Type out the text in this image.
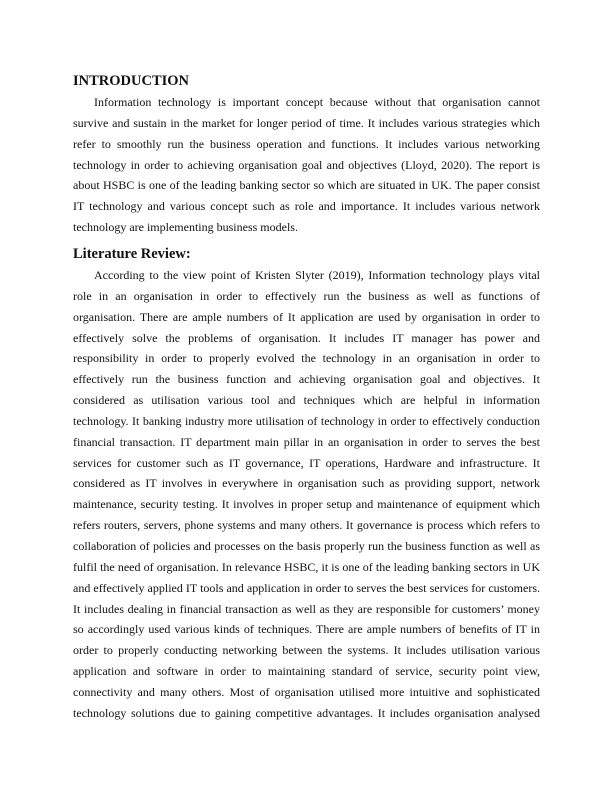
INTRODUCTION
Information technology is important concept because without that organisation cannot
survive and sustain in the market for longer period of time. It includes various strategies which
refer to smoothly run the business operation and functions. It includes various networking
technology in order to achieving organisation goal and objectives (Lloyd, 2020). The report is
about HSBC is one of the leading banking sector so which are situated in UK. The paper consist
IT technology and various concept such as role and importance. It includes various network
technology are implementing business models.
Literature Review:
According to the view point of Kristen Slyter (2019), Information technology plays vital
role in an organisation in order to effectively run the business as well as functions of
organisation. There are ample numbers of It application are used by organisation in order to
effectively solve the problems of organisation. It includes IT manager has power and
responsibility in order to properly evolved the technology in an organisation in order to
effectively run the business function and achieving organisation goal and objectives. It
considered as utilisation various tool and techniques which are helpful in information
technology. It banking industry more utilisation of technology in order to effectively conduction
financial transaction. IT department main pillar in an organisation in order to serves the best
services for customer such as IT governance, IT operations, Hardware and infrastructure. It
considered as IT involves in everywhere in organisation such as providing support, network
maintenance, security testing. It involves in proper setup and maintenance of equipment which
refers routers, servers, phone systems and many others. It governance is process which refers to
collaboration of policies and processes on the basis properly run the business function as well as
fulfil the need of organisation. In relevance HSBC, it is one of the leading banking sectors in UK
and effectively applied IT tools and application in order to serves the best services for customers.
It includes dealing in financial transaction as well as they are responsible for customers’ money
so accordingly used various kinds of techniques. There are ample numbers of benefits of IT in
order to properly conducting networking between the systems. It includes utilisation various
application and software in order to maintaining standard of service, security point view,
connectivity and many others. Most of organisation utilised more intuitive and sophisticated
technology solutions due to gaining competitive advantages. It includes organisation analysed
